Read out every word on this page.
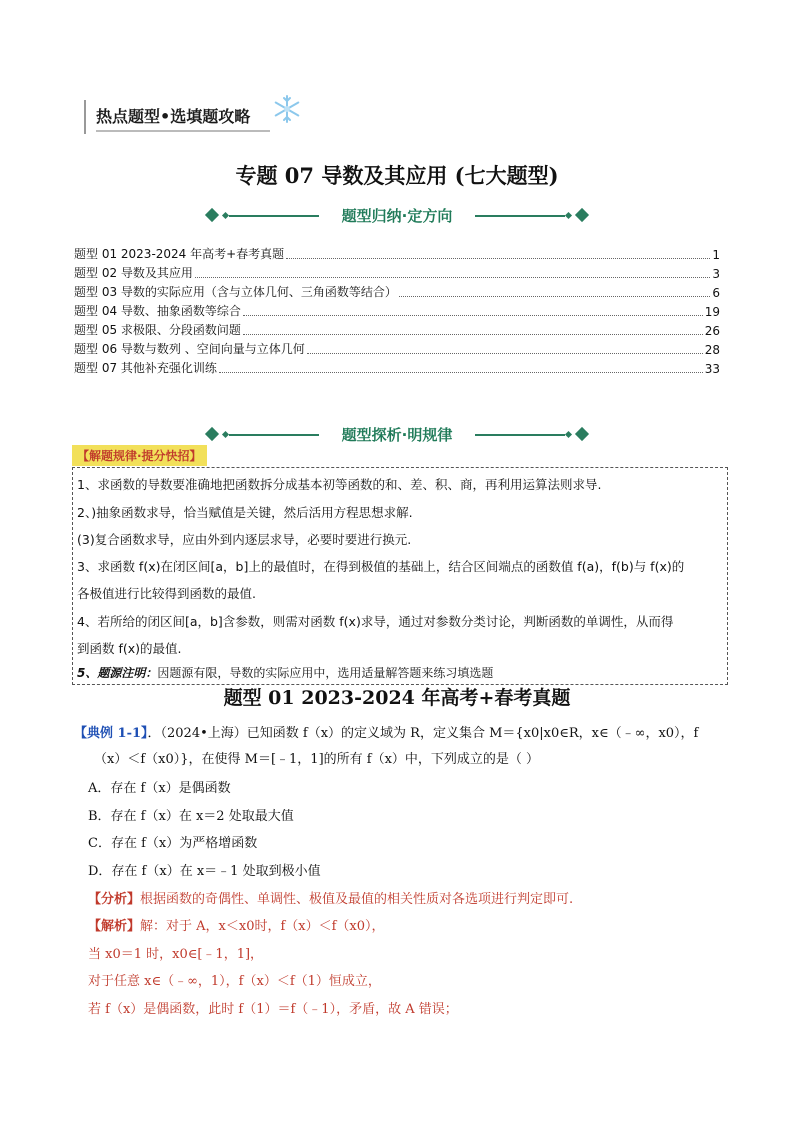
热点题型•选填题攻略
专题 07 导数及其应用 (七大题型)
题型归纳·定方向
题型 01 2023-2024 年高考+春考真题	1
题型 02 导数及其应用	3
题型 03 导数的实际应用（含与立体几何、三角函数等结合）	6
题型 04 导数、抽象函数等综合	19
题型 05 求极限、分段函数问题	26
题型 06 导数与数列 、空间向量与立体几何	28
题型 07 其他补充强化训练	33
题型探析·明规律
【解题规律·提分快招】
1、求函数的导数要准确地把函数拆分成基本初等函数的和、差、积、商，再利用运算法则求导.
2、)抽象函数求导，恰当赋值是关键，然后活用方程思想求解.
(3)复合函数求导，应由外到内逐层求导，必要时要进行换元.
3、求函数 f(x)在闭区间[a，b]上的最值时，在得到极值的基础上，结合区间端点的函数值 f(a)，f(b)与 f(x)的
各极值进行比较得到函数的最值.
4、若所给的闭区间[a，b]含参数，则需对函数 f(x)求导，通过对参数分类讨论，判断函数的单调性，从而得
到函数 f(x)的最值.
5、题源注明：因题源有限，导数的实际应用中，选用适量解答题来练习填选题
题型 01 2023-2024 年高考+春考真题
【典例 1-1】．（2024•上海）已知函数 f（x）的定义域为 R，定义集合 M＝{x0|x0∈R，x∈（﹣∞，x0），f
（x）＜f（x0）}，在使得 M＝[﹣1，1]的所有 f（x）中，下列成立的是（ ）
A．存在 f（x）是偶函数
B．存在 f（x）在 x＝2 处取最大值
C．存在 f（x）为严格增函数
D．存在 f（x）在 x＝﹣1 处取到极小值
【分析】根据函数的奇偶性、单调性、极值及最值的相关性质对各选项进行判定即可.
【解析】解：对于 A，x＜x0时，f（x）＜f（x0），
当 x0＝1 时，x0∈[﹣1，1]，
对于任意 x∈（﹣∞，1），f（x）＜f（1）恒成立，
若 f（x）是偶函数，此时 f（1）＝f（﹣1），矛盾，故 A 错误；
